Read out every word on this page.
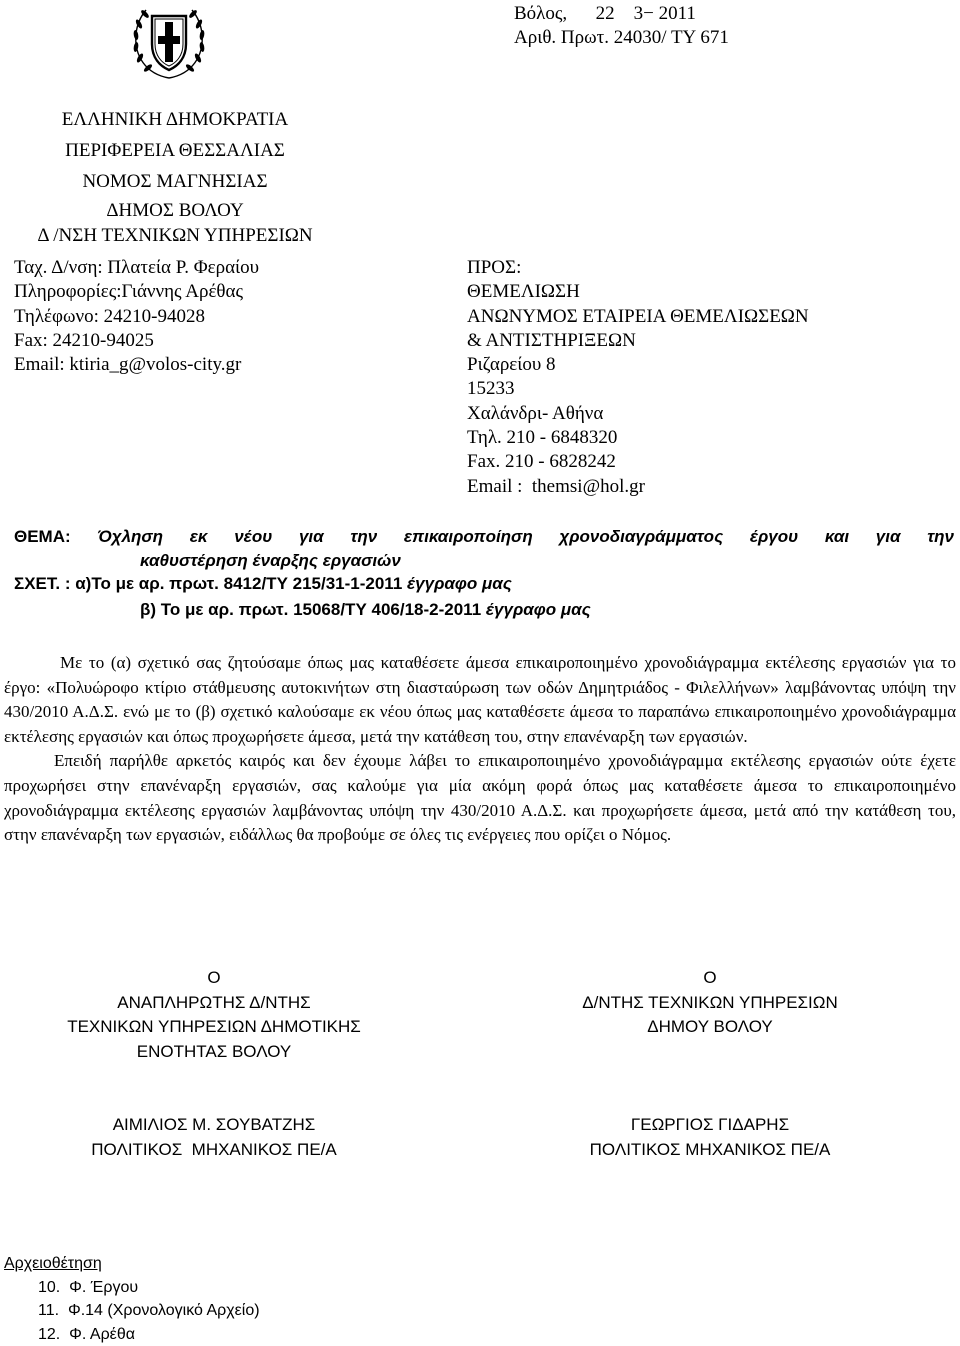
Βόλος,      22    3− 2011
Αριθ. Πρωτ. 24030/ ΤΥ 671
ΕΛΛΗΝΙΚΗ ΔΗΜΟΚΡΑΤΙΑ
ΠΕΡΙΦΕΡΕΙΑ ΘΕΣΣΑΛΙΑΣ
ΝΟΜΟΣ ΜΑΓΝΗΣΙΑΣ
ΔΗΜΟΣ ΒΟΛΟΥ
Δ /ΝΣΗ ΤΕΧΝΙΚΩΝ ΥΠΗΡΕΣΙΩΝ
Ταχ. Δ/νση: Πλατεία Ρ. Φεραίου
Πληροφορίες:Γιάννης Αρέθας
Τηλέφωνο: 24210-94028
Fax: 24210-94025
Email: ktiria_g@volos-city.gr
ΠΡΟΣ:
ΘΕΜΕΛΙΩΣΗ
ΑΝΩΝΥΜΟΣ ΕΤΑΙΡΕΙΑ ΘΕΜΕΛΙΩΣΕΩΝ
& ΑΝΤΙΣΤΗΡΙΞΕΩΝ
Ριζαρείου 8
15233
Χαλάνδρι- Αθήνα
Τηλ. 210 - 6848320
Fax. 210 - 6828242
Email :  themsi@hol.gr
ΘΕΜΑ: Όχληση εκ νέου για την επικαιροποίηση χρονοδιαγράμματος έργου και για την
καθυστέρηση έναρξης εργασιών
ΣΧΕΤ. : α)Το με αρ. πρωτ. 8412/ΤΥ 215/31-1-2011 έγγραφο μας
β) Το με αρ. πρωτ. 15068/ΤΥ 406/18-2-2011 έγγραφο μας

Με το (α) σχετικό σας ζητούσαμε όπως μας καταθέσετε άμεσα επικαιροποιημένο χρονοδιάγραμμα εκτέλεσης εργασιών για το έργο: «Πολυώροφο κτίριο στάθμευσης αυτοκινήτων στη διασταύρωση των οδών Δημητριάδος - Φιλελλήνων» λαμβάνοντας υπόψη την 430/2010 Α.Δ.Σ. ενώ με το (β) σχετικό καλούσαμε εκ νέου όπως μας καταθέσετε άμεσα το παραπάνω επικαιροποιημένο χρονοδιάγραμμα εκτέλεσης εργασιών και όπως προχωρήσετε άμεσα, μετά την κατάθεση του, στην επανέναρξη των εργασιών.

Επειδή παρήλθε αρκετός καιρός και δεν έχουμε λάβει το επικαιροποιημένο χρονοδιάγραμμα εκτέλεσης εργασιών ούτε έχετε προχωρήσει στην επανέναρξη εργασιών, σας καλούμε για μία ακόμη φορά όπως μας καταθέσετε άμεσα το επικαιροποιημένο χρονοδιάγραμμα εκτέλεσης εργασιών λαμβάνοντας υπόψη την 430/2010 Α.Δ.Σ. και προχωρήσετε άμεσα, μετά από την κατάθεση του, στην επανέναρξη των εργασιών, ειδάλλως θα προβούμε σε όλες τις ενέργειες που ορίζει ο Νόμος.

Ο
ΑΝΑΠΛΗΡΩΤΗΣ Δ/ΝΤΗΣ
ΤΕΧΝΙΚΩΝ ΥΠΗΡΕΣΙΩΝ ΔΗΜΟΤΙΚΗΣ
ΕΝΟΤΗΤΑΣ ΒΟΛΟΥ
Ο
Δ/ΝΤΗΣ ΤΕΧΝΙΚΩΝ ΥΠΗΡΕΣΙΩΝ
ΔΗΜΟΥ ΒΟΛΟΥ
ΑΙΜΙΛΙΟΣ Μ. ΣΟΥΒΑΤΖΗΣ
ΠΟΛΙΤΙΚΟΣ  ΜΗΧΑΝΙΚΟΣ ΠΕ/Α
ΓΕΩΡΓΙΟΣ ΓΙΔΑΡΗΣ
ΠΟΛΙΤΙΚΟΣ ΜΗΧΑΝΙΚΟΣ ΠΕ/Α
Αρχειοθέτηση
10.  Φ. Έργου
11.  Φ.14 (Χρονολογικό Αρχείο)
12.  Φ. Αρέθα
